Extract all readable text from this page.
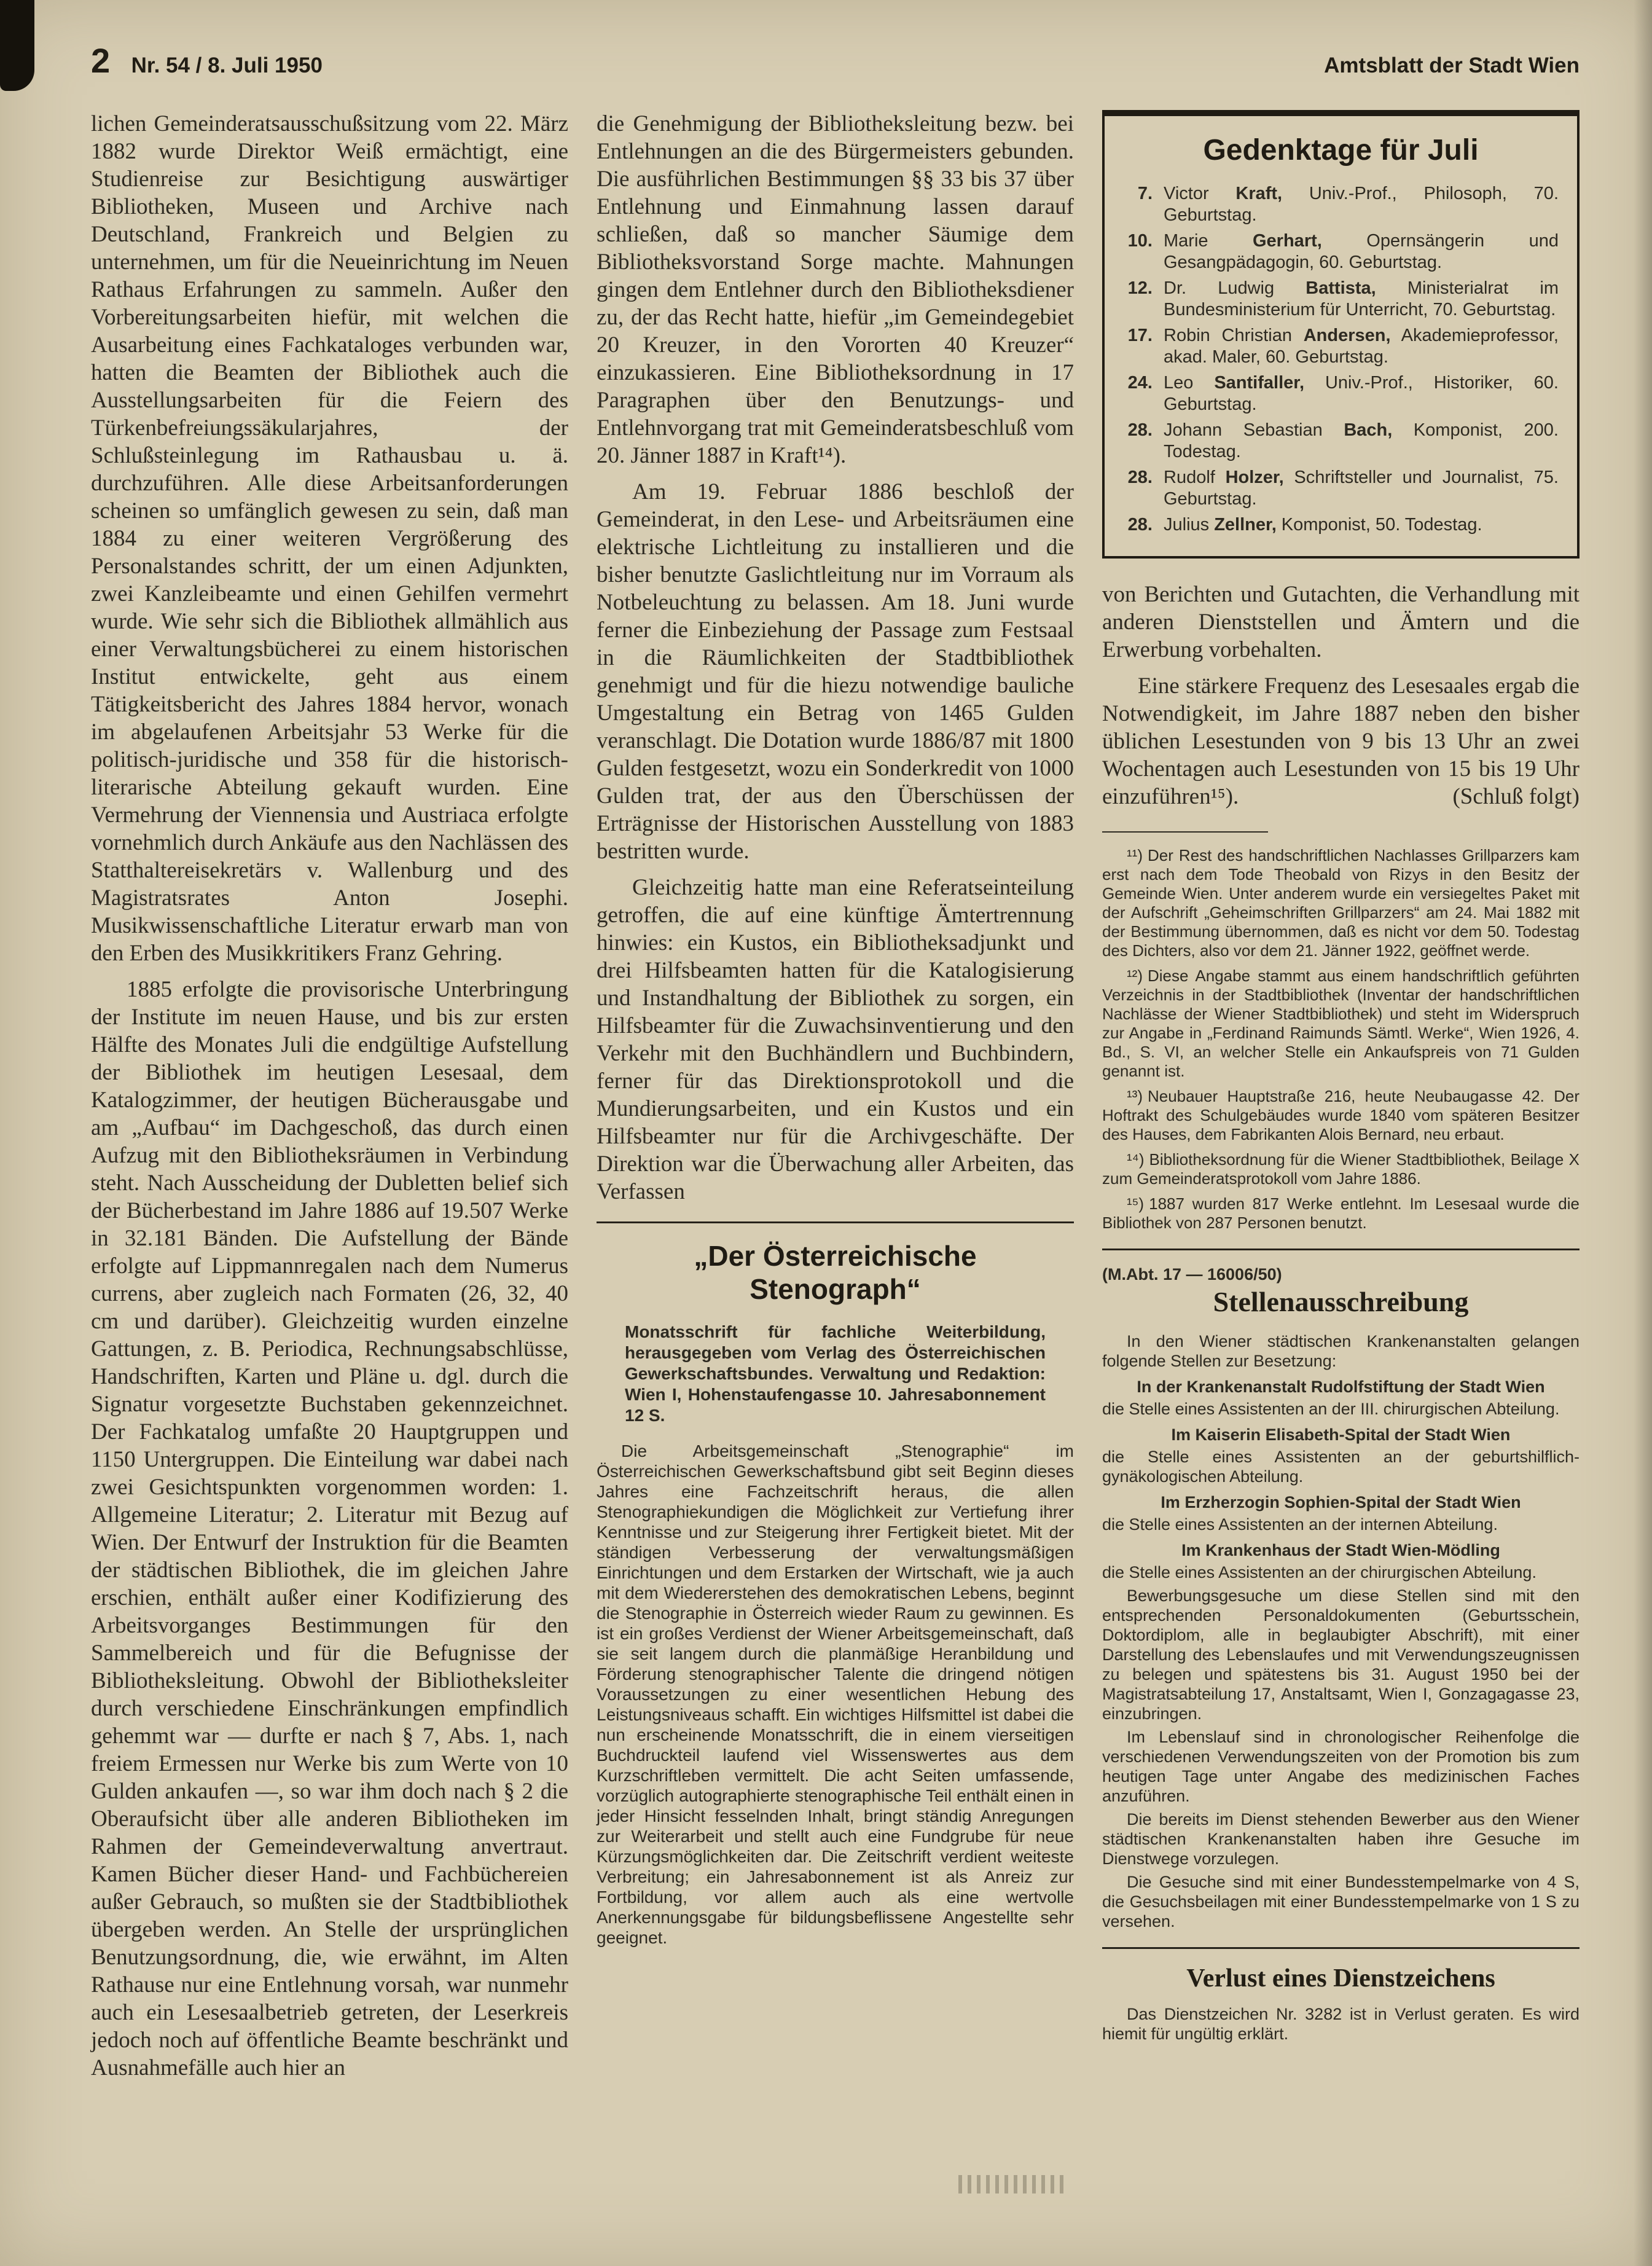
2 Nr. 54 / 8. Juli 1950	Amtsblatt der Stadt Wien

lichen Gemeinderatsausschußsitzung vom 22. März 1882 wurde Direktor Weiß ermächtigt, eine Studienreise zur Besichtigung auswärtiger Bibliotheken, Museen und Archive nach Deutschland, Frankreich und Belgien zu unternehmen, um für die Neueinrichtung im Neuen Rathaus Erfahrungen zu sammeln. Außer den Vorbereitungsarbeiten hiefür, mit welchen die Ausarbeitung eines Fachkataloges verbunden war, hatten die Beamten der Bibliothek auch die Ausstellungsarbeiten für die Feiern des Türkenbefreiungssäkularjahres, der Schlußsteinlegung im Rathausbau u. ä. durchzuführen. Alle diese Arbeitsanforderungen scheinen so umfänglich gewesen zu sein, daß man 1884 zu einer weiteren Vergrößerung des Personalstandes schritt, der um einen Adjunkten, zwei Kanzleibeamte und einen Gehilfen vermehrt wurde. Wie sehr sich die Bibliothek allmählich aus einer Verwaltungsbücherei zu einem historischen Institut entwickelte, geht aus einem Tätigkeitsbericht des Jahres 1884 hervor, wonach im abgelaufenen Arbeitsjahr 53 Werke für die politisch-juridische und 358 für die historisch-literarische Abteilung gekauft wurden. Eine Vermehrung der Viennensia und Austriaca erfolgte vornehmlich durch Ankäufe aus den Nachlässen des Statthaltereisekretärs v. Wallenburg und des Magistratsrates Anton Josephi. Musikwissenschaftliche Literatur erwarb man von den Erben des Musikkritikers Franz Gehring.

1885 erfolgte die provisorische Unterbringung der Institute im neuen Hause, und bis zur ersten Hälfte des Monates Juli die endgültige Aufstellung der Bibliothek im heutigen Lesesaal, dem Katalogzimmer, der heutigen Bücherausgabe und am „Aufbau“ im Dachgeschoß, das durch einen Aufzug mit den Bibliotheksräumen in Verbindung steht. Nach Ausscheidung der Dubletten belief sich der Bücherbestand im Jahre 1886 auf 19.507 Werke in 32.181 Bänden. Die Aufstellung der Bände erfolgte auf Lippmannregalen nach dem Numerus currens, aber zugleich nach Formaten (26, 32, 40 cm und darüber). Gleichzeitig wurden einzelne Gattungen, z. B. Periodica, Rechnungsabschlüsse, Handschriften, Karten und Pläne u. dgl. durch die Signatur vorgesetzte Buchstaben gekennzeichnet. Der Fachkatalog umfaßte 20 Hauptgruppen und 1150 Untergruppen. Die Einteilung war dabei nach zwei Gesichtspunkten vorgenommen worden: 1. Allgemeine Literatur; 2. Literatur mit Bezug auf Wien. Der Entwurf der Instruktion für die Beamten der städtischen Bibliothek, die im gleichen Jahre erschien, enthält außer einer Kodifizierung des Arbeitsvorganges Bestimmungen für den Sammelbereich und für die Befugnisse der Bibliotheksleitung. Obwohl der Bibliotheksleiter durch verschiedene Einschränkungen empfindlich gehemmt war — durfte er nach § 7, Abs. 1, nach freiem Ermessen nur Werke bis zum Werte von 10 Gulden ankaufen —, so war ihm doch nach § 2 die Oberaufsicht über alle anderen Bibliotheken im Rahmen der Gemeindeverwaltung anvertraut. Kamen Bücher dieser Hand- und Fachbüchereien außer Gebrauch, so mußten sie der Stadtbibliothek übergeben werden. An Stelle der ursprünglichen Benutzungsordnung, die, wie erwähnt, im Alten Rathause nur eine Entlehnung vorsah, war nunmehr auch ein Lesesaalbetrieb getreten, der Leserkreis jedoch noch auf öffentliche Beamte beschränkt und Ausnahmefälle auch hier an

die Genehmigung der Bibliotheksleitung bezw. bei Entlehnungen an die des Bürgermeisters gebunden. Die ausführlichen Bestimmungen §§ 33 bis 37 über Entlehnung und Einmahnung lassen darauf schließen, daß so mancher Säumige dem Bibliotheksvorstand Sorge machte. Mahnungen gingen dem Entlehner durch den Bibliotheksdiener zu, der das Recht hatte, hiefür „im Gemeindegebiet 20 Kreuzer, in den Vororten 40 Kreuzer“ einzukassieren. Eine Bibliotheksordnung in 17 Paragraphen über den Benutzungs- und Entlehnvorgang trat mit Gemeinderatsbeschluß vom 20. Jänner 1887 in Kraft¹⁴).

Am 19. Februar 1886 beschloß der Gemeinderat, in den Lese- und Arbeitsräumen eine elektrische Lichtleitung zu installieren und die bisher benutzte Gaslichtleitung nur im Vorraum als Notbeleuchtung zu belassen. Am 18. Juni wurde ferner die Einbeziehung der Passage zum Festsaal in die Räumlichkeiten der Stadtbibliothek genehmigt und für die hiezu notwendige bauliche Umgestaltung ein Betrag von 1465 Gulden veranschlagt. Die Dotation wurde 1886/87 mit 1800 Gulden festgesetzt, wozu ein Sonderkredit von 1000 Gulden trat, der aus den Überschüssen der Erträgnisse der Historischen Ausstellung von 1883 bestritten wurde.

Gleichzeitig hatte man eine Referatseinteilung getroffen, die auf eine künftige Ämtertrennung hinwies: ein Kustos, ein Bibliotheksadjunkt und drei Hilfsbeamten hatten für die Katalogisierung und Instandhaltung der Bibliothek zu sorgen, ein Hilfsbeamter für die Zuwachsinventierung und den Verkehr mit den Buchhändlern und Buchbindern, ferner für das Direktionsprotokoll und die Mundierungsarbeiten, und ein Kustos und ein Hilfsbeamter nur für die Archivgeschäfte. Der Direktion war die Überwachung aller Arbeiten, das Verfassen

„Der Österreichische
Stenograph“

Monatsschrift für fachliche Weiterbildung, herausgegeben vom Verlag des Österreichischen Gewerkschaftsbundes. Verwaltung und Redaktion: Wien I, Hohenstaufengasse 10. Jahresabonnement 12 S.

Die Arbeitsgemeinschaft „Stenographie“ im Österreichischen Gewerkschaftsbund gibt seit Beginn dieses Jahres eine Fachzeitschrift heraus, die allen Stenographiekundigen die Möglichkeit zur Vertiefung ihrer Kenntnisse und zur Steigerung ihrer Fertigkeit bietet. Mit der ständigen Verbesserung der verwaltungsmäßigen Einrichtungen und dem Erstarken der Wirtschaft, wie ja auch mit dem Wiedererstehen des demokratischen Lebens, beginnt die Stenographie in Österreich wieder Raum zu gewinnen. Es ist ein großes Verdienst der Wiener Arbeitsgemeinschaft, daß sie seit langem durch die planmäßige Heranbildung und Förderung stenographischer Talente die dringend nötigen Voraussetzungen zu einer wesentlichen Hebung des Leistungsniveaus schafft. Ein wichtiges Hilfsmittel ist dabei die nun erscheinende Monatsschrift, die in einem vierseitigen Buchdruckteil laufend viel Wissenswertes aus dem Kurzschriftleben vermittelt. Die acht Seiten umfassende, vorzüglich autographierte stenographische Teil enthält einen in jeder Hinsicht fesselnden Inhalt, bringt ständig Anregungen zur Weiterarbeit und stellt auch eine Fundgrube für neue Kürzungsmöglichkeiten dar. Die Zeitschrift verdient weiteste Verbreitung; ein Jahresabonnement ist als Anreiz zur Fortbildung, vor allem auch als eine wertvolle Anerkennungsgabe für bildungsbeflissene Angestellte sehr geeignet.

Gedenktage für Juli

7. Victor Kraft, Univ.-Prof., Philosoph, 70. Geburtstag.

10. Marie Gerhart, Opernsängerin und Gesangpädagogin, 60. Geburtstag.

12. Dr. Ludwig Battista, Ministerialrat im Bundesministerium für Unterricht, 70. Geburtstag.

17. Robin Christian Andersen, Akademieprofessor, akad. Maler, 60. Geburtstag.

24. Leo Santifaller, Univ.-Prof., Historiker, 60. Geburtstag.

28. Johann Sebastian Bach, Komponist, 200. Todestag.

28. Rudolf Holzer, Schriftsteller und Journalist, 75. Geburtstag.

28. Julius Zellner, Komponist, 50. Todestag.

von Berichten und Gutachten, die Verhandlung mit anderen Dienststellen und Ämtern und die Erwerbung vorbehalten.

Eine stärkere Frequenz des Lesesaales ergab die Notwendigkeit, im Jahre 1887 neben den bisher üblichen Lesestunden von 9 bis 13 Uhr an zwei Wochentagen auch Lesestunden von 15 bis 19 Uhr einzuführen¹⁵).	(Schluß folgt)

¹¹) Der Rest des handschriftlichen Nachlasses Grillparzers kam erst nach dem Tode Theobald von Rizys in den Besitz der Gemeinde Wien. Unter anderem wurde ein versiegeltes Paket mit der Aufschrift „Geheimschriften Grillparzers“ am 24. Mai 1882 mit der Bestimmung übernommen, daß es nicht vor dem 50. Todestag des Dichters, also vor dem 21. Jänner 1922, geöffnet werde.

¹²) Diese Angabe stammt aus einem handschriftlich geführten Verzeichnis in der Stadtbibliothek (Inventar der handschriftlichen Nachlässe der Wiener Stadtbibliothek) und steht im Widerspruch zur Angabe in „Ferdinand Raimunds Sämtl. Werke“, Wien 1926, 4. Bd., S. VI, an welcher Stelle ein Ankaufspreis von 71 Gulden genannt ist.

¹³) Neubauer Hauptstraße 216, heute Neubaugasse 42. Der Hoftrakt des Schulgebäudes wurde 1840 vom späteren Besitzer des Hauses, dem Fabrikanten Alois Bernard, neu erbaut.

¹⁴) Bibliotheksordnung für die Wiener Stadtbibliothek, Beilage X zum Gemeinderatsprotokoll vom Jahre 1886.

¹⁵) 1887 wurden 817 Werke entlehnt. Im Lesesaal wurde die Bibliothek von 287 Personen benutzt.

(M.Abt. 17 — 16006/50)
Stellenausschreibung

In den Wiener städtischen Krankenanstalten gelangen folgende Stellen zur Besetzung:

In der Krankenanstalt Rudolfstiftung der Stadt Wien

die Stelle eines Assistenten an der III. chirurgischen Abteilung.

Im Kaiserin Elisabeth-Spital der Stadt Wien

die Stelle eines Assistenten an der geburtshilflich-gynäkologischen Abteilung.

Im Erzherzogin Sophien-Spital der Stadt Wien

die Stelle eines Assistenten an der internen Abteilung.

Im Krankenhaus der Stadt Wien-Mödling

die Stelle eines Assistenten an der chirurgischen Abteilung.

Bewerbungsgesuche um diese Stellen sind mit den entsprechenden Personaldokumenten (Geburtsschein, Doktordiplom, alle in beglaubigter Abschrift), mit einer Darstellung des Lebenslaufes und mit Verwendungszeugnissen zu belegen und spätestens bis 31. August 1950 bei der Magistratsabteilung 17, Anstaltsamt, Wien I, Gonzagagasse 23, einzubringen.

Im Lebenslauf sind in chronologischer Reihenfolge die verschiedenen Verwendungszeiten von der Promotion bis zum heutigen Tage unter Angabe des medizinischen Faches anzuführen.

Die bereits im Dienst stehenden Bewerber aus den Wiener städtischen Krankenanstalten haben ihre Gesuche im Dienstwege vorzulegen.

Die Gesuche sind mit einer Bundesstempelmarke von 4 S, die Gesuchsbeilagen mit einer Bundesstempelmarke von 1 S zu versehen.

Verlust eines Dienstzeichens

Das Dienstzeichen Nr. 3282 ist in Verlust geraten. Es wird hiemit für ungültig erklärt.
